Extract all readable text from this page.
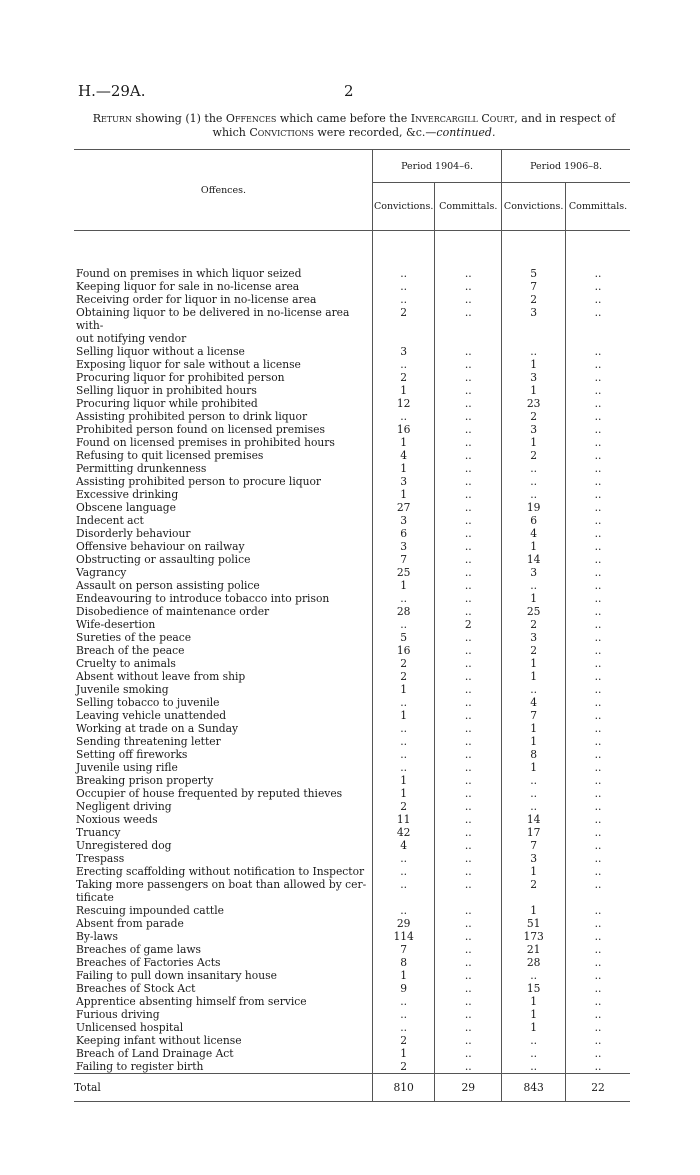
H.—29A.	2
Return showing (1) the Offences which came before the Invercargill Court, and in respect of which Convictions were recorded, &c.—continued.
Offences.	Period 1904–6.		Period 1906–8.	
	Convictions.	Committals.	Convictions.	Committals.

Found on premises in which liquor seized	..	..	5	..

Keeping liquor for sale in no-license area	..	..	7	..

Receiving order for liquor in no-license area	..	..	2	..

Obtaining liquor to be delivered in no-license area with-
out notifying vendor	2	..	3	..

Selling liquor without a license	3	..	..	..

Exposing liquor for sale without a license	..	..	1	..

Procuring liquor for prohibited person	2	..	3	..

Selling liquor in prohibited hours	1	..	1	..

Procuring liquor while prohibited	12	..	23	..

Assisting prohibited person to drink liquor	..	..	2	..

Prohibited person found on licensed premises	16	..	3	..

Found on licensed premises in prohibited hours	1	..	1	..

Refusing to quit licensed premises	4	..	2	..

Permitting drunkenness	1	..	..	..

Assisting prohibited person to procure liquor	3	..	..	..

Excessive drinking	1	..	..	..

Obscene language	27	..	19	..

Indecent act	3	..	6	..

Disorderly behaviour	6	..	4	..

Offensive behaviour on railway	3	..	1	..

Obstructing or assaulting police	7	..	14	..

Vagrancy	25	..	3	..

Assault on person assisting police	1	..	..	..

Endeavouring to introduce tobacco into prison	..	..	1	..

Disobedience of maintenance order	28	..	25	..

Wife-desertion	..	2	2	..

Sureties of the peace	5	..	3	..

Breach of the peace	16	..	2	..

Cruelty to animals	2	..	1	..

Absent without leave from ship	2	..	1	..

Juvenile smoking	1	..	..	..

Selling tobacco to juvenile	..	..	4	..

Leaving vehicle unattended	1	..	7	..

Working at trade on a Sunday	..	..	1	..

Sending threatening letter	..	..	1	..

Setting off fireworks	..	..	8	..

Juvenile using rifle	..	..	1	..

Breaking prison property	1	..	..	..

Occupier of house frequented by reputed thieves	1	..	..	..

Negligent driving	2	..	..	..

Noxious weeds	11	..	14	..

Truancy	42	..	17	..

Unregistered dog	4	..	7	..

Trespass	..	..	3	..

Erecting scaffolding without notification to Inspector	..	..	1	..

Taking more passengers on boat than allowed by cer-
tificate	..	..	2	..

Rescuing impounded cattle	..	..	1	..

Absent from parade	29	..	51	..

By-laws	114	..	173	..

Breaches of game laws	7	..	21	..

Breaches of Factories Acts	8	..	28	..

Failing to pull down insanitary house	1	..	..	..

Breaches of Stock Act	9	..	15	..

Apprentice absenting himself from service	..	..	1	..

Furious driving	..	..	1	..

Unlicensed hospital	..	..	1	..

Keeping infant without license	2	..	..	..

Breach of Land Drainage Act	1	..	..	..

Failing to register birth	2	..	..	..
Total	810	29	843	22
